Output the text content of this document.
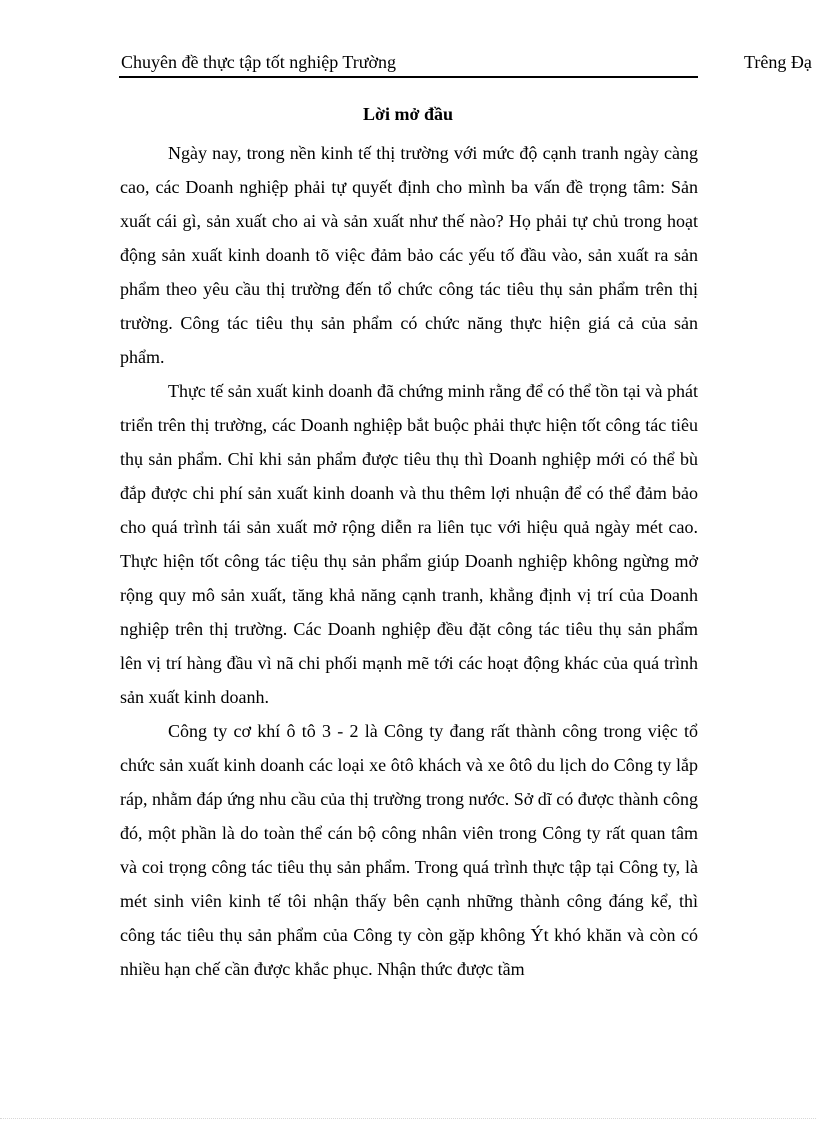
Chuyên đề thực tập tốt nghiệp Trường	Trêng Đạ
Lời mở đầu

Ngày nay, trong nền kinh tế thị trường với mức độ cạnh tranh ngày càng cao, các Doanh nghiệp phải tự quyết định cho mình ba vấn đề trọng tâm: Sản xuất cái gì, sản xuất cho ai và sản xuất như thế nào? Họ phải tự chủ trong hoạt động sản xuất kinh doanh tõ việc đảm bảo các yếu tố đầu vào, sản xuất ra sản phẩm theo yêu cầu thị trường đến tổ chức công tác tiêu thụ sản phẩm trên thị trường. Công tác tiêu thụ sản phẩm có chức năng thực hiện giá cả của sản phẩm.

Thực tế sản xuất kinh doanh đã chứng minh rằng để có thể tồn tại và phát triển trên thị trường, các Doanh nghiệp bắt buộc phải thực hiện tốt công tác tiêu thụ sản phẩm. Chỉ khi sản phẩm được tiêu thụ thì Doanh nghiệp mới có thể bù đắp được chi phí sản xuất kinh doanh và thu thêm lợi nhuận để có thể đảm bảo cho quá trình tái sản xuất mở rộng diễn ra liên tục với hiệu quả ngày mét cao. Thực hiện tốt công tác tiệu thụ sản phẩm giúp Doanh nghiệp không ngừng mở rộng quy mô sản xuất, tăng khả năng cạnh tranh, khẳng định vị trí của Doanh nghiệp trên thị trường. Các Doanh nghiệp đều đặt công tác tiêu thụ sản phẩm lên vị trí hàng đầu vì nã chi phối mạnh mẽ tới các hoạt động khác của quá trình sản xuất kinh doanh.

Công ty cơ khí ô tô 3 - 2 là Công ty đang rất thành công trong việc tổ chức sản xuất kinh doanh các loại xe ôtô khách và xe ôtô du lịch do Công ty lắp ráp, nhằm đáp ứng nhu cầu của thị trường trong nước. Sở dĩ có được thành công đó, một phần là do toàn thể cán bộ công nhân viên trong Công ty rất quan tâm và coi trọng công tác tiêu thụ sản phẩm. Trong quá trình thực tập tại Công ty, là mét sinh viên kinh tế tôi nhận thấy bên cạnh những thành công đáng kể, thì công tác tiêu thụ sản phẩm của Công ty còn gặp không Ýt khó khăn và còn có nhiều hạn chế cần được khắc phục. Nhận thức được tầm
